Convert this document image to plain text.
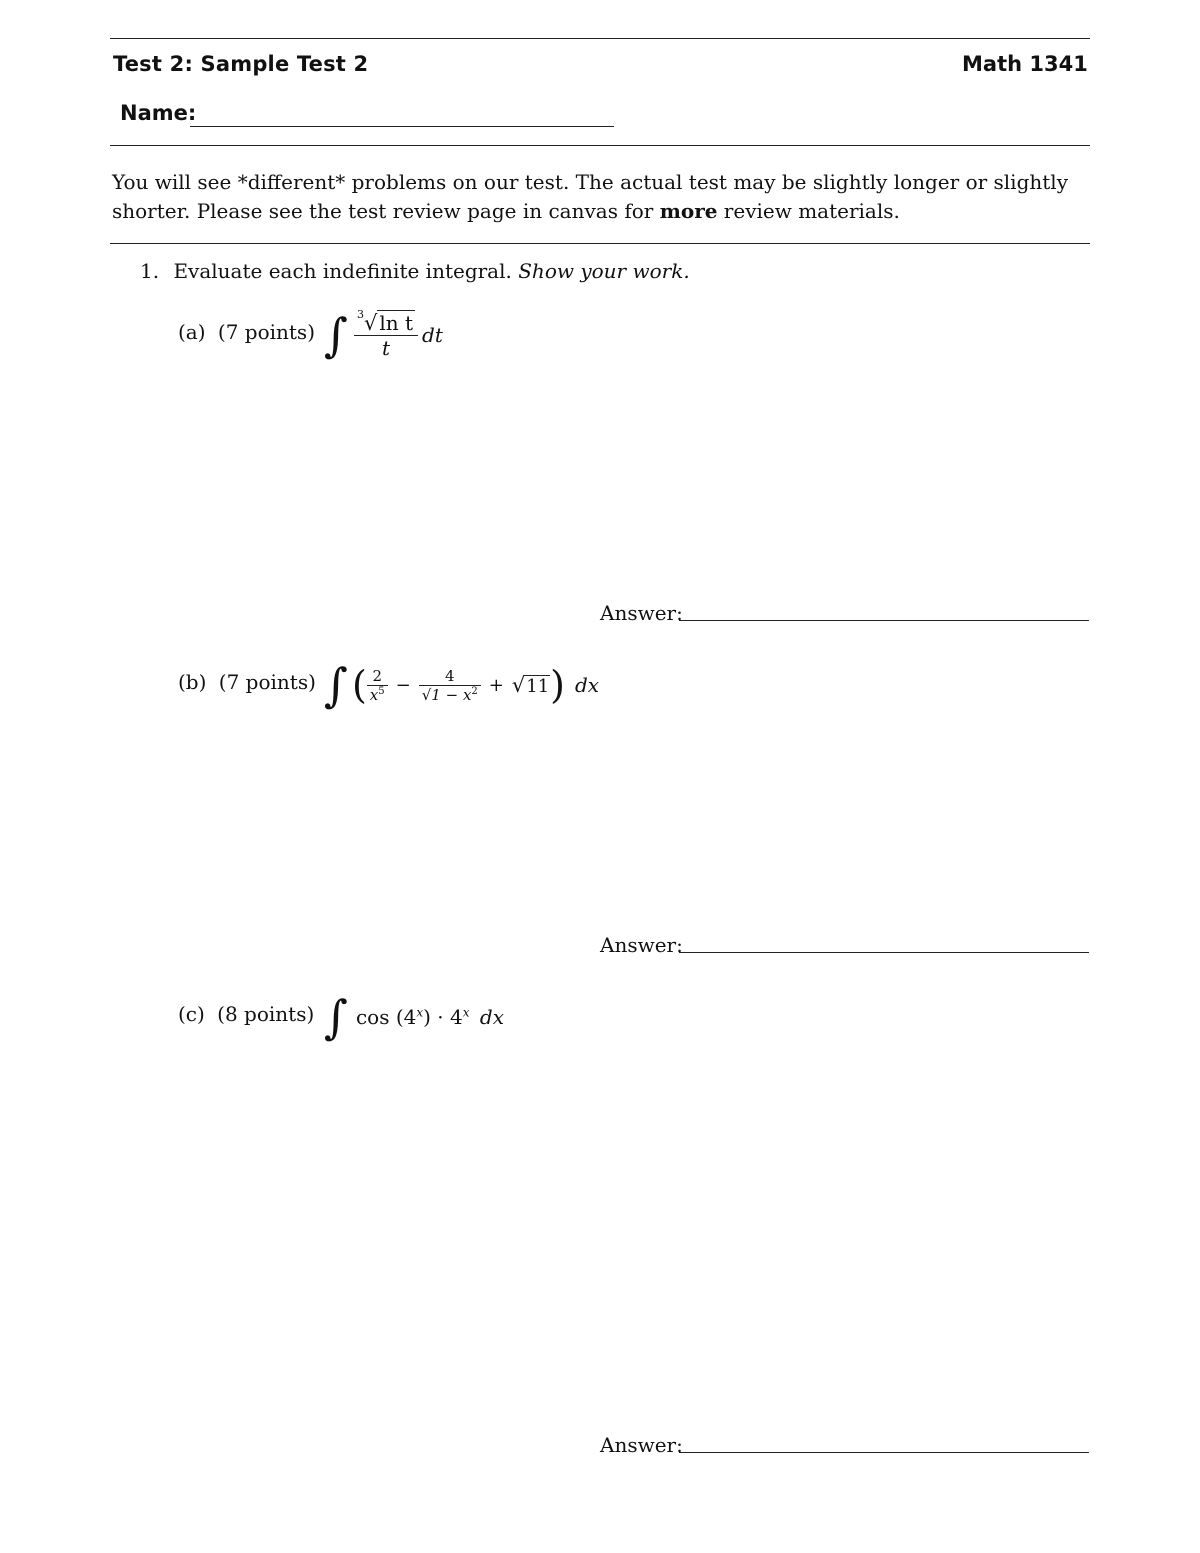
Test 2: Sample Test 2	Math 1341
Name:
You will see *different* problems on our test. The actual test may be slightly longer or slightly
shorter. Please see the test review page in canvas for more review materials.
1. Evaluate each indefinite integral. Show your work.
(a) (7 points) ∫ $\frac{^3√ \ln t}{t}$ dt
Answer:
(b) (7 points) ∫ ( $\frac{2}{x^5} - \frac{4}{√1 - x^2} + √11$ ) dx
Answer:
(c) (8 points) ∫ $\cos (4^x) \cdot 4^x$ dx
Answer:
